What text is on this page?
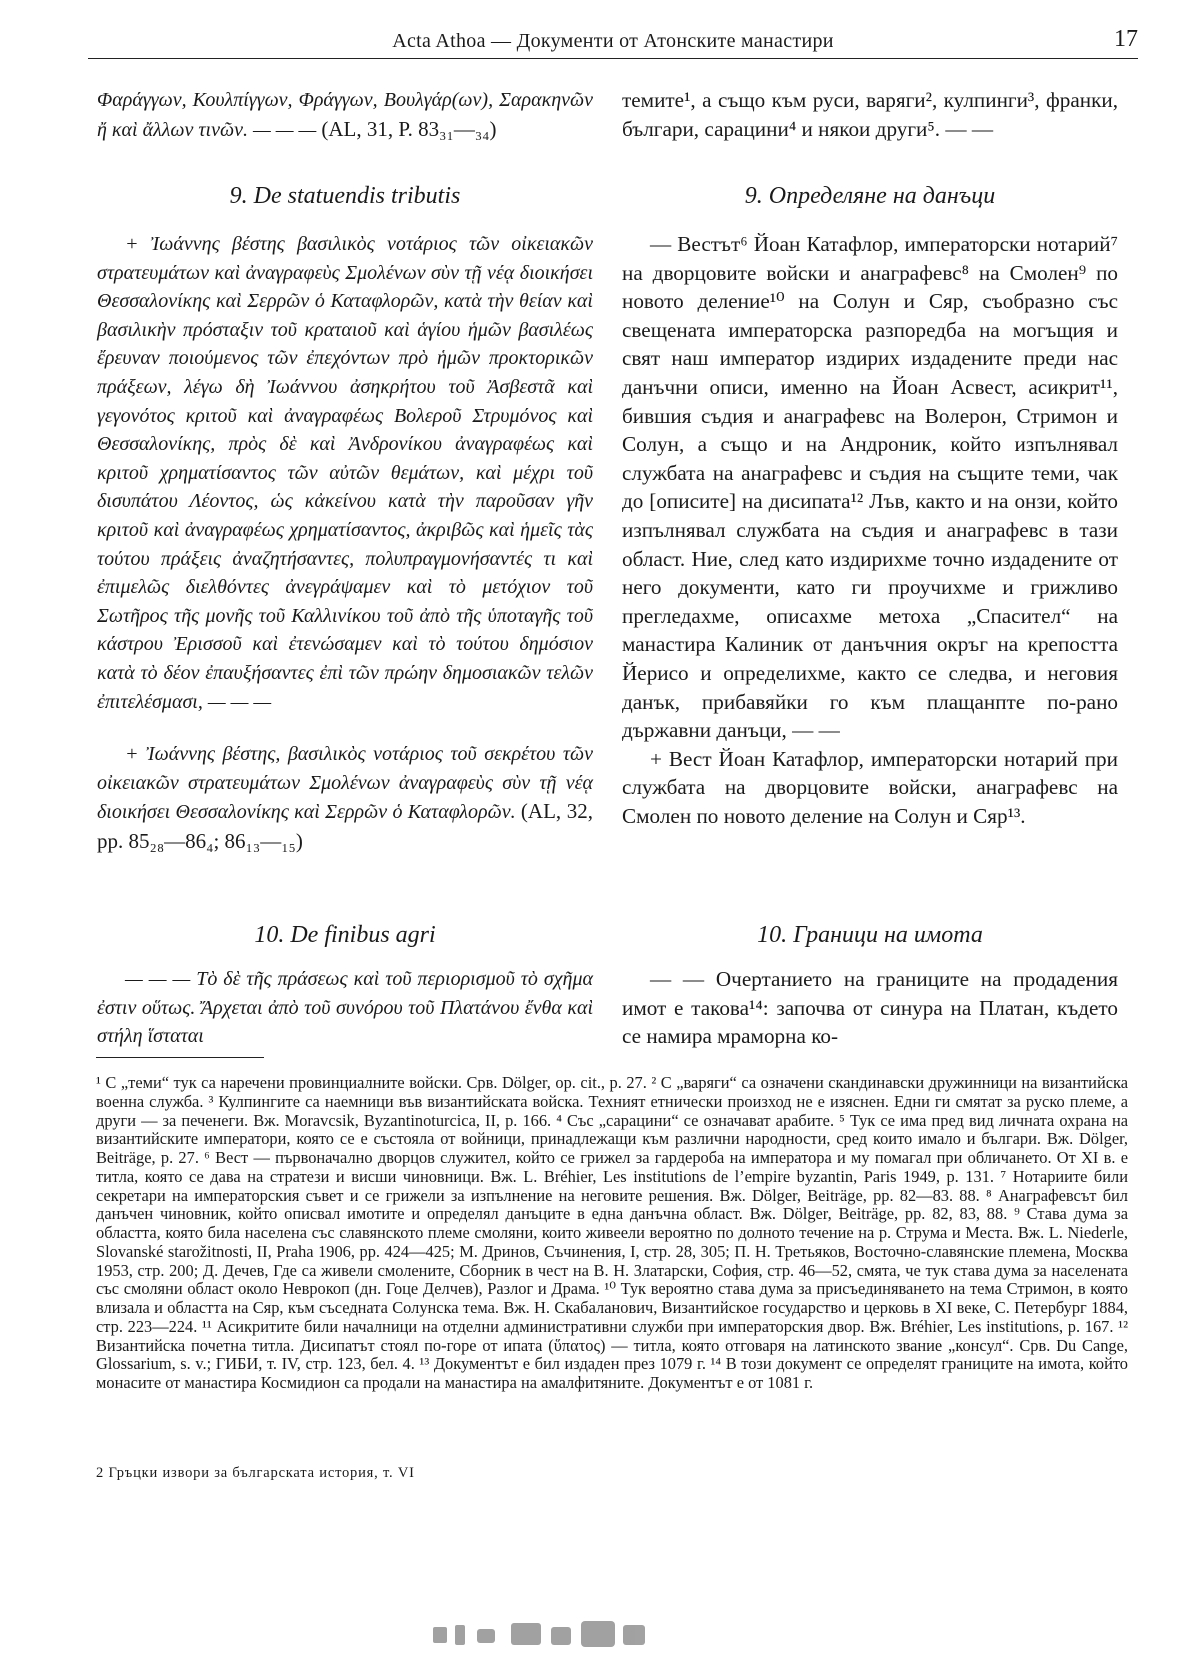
Acta Athoa — Документи от Атонските манастири	17

Φαράγγων, Κουλπίγγων, Φράγγων, Βουλγάρ(ων), Σαρακηνῶν ἤ καὶ ἄλλων τινῶν. — — — (AL, 31, P. 83₃₁—₃₄)

9. De statuendis tributis

+ Ἰωάννης βέστης βασιλικὸς νοτάριος τῶν οἰκειακῶν στρατευμάτων καὶ ἀναγραφεὺς Σμολένων σὺν τῇ νέᾳ διοικήσει Θεσσαλονίκης καὶ Σερρῶν ὁ Καταφλορῶν, κατὰ τὴν θείαν καὶ βασιλικὴν πρόσταξιν τοῦ κραταιοῦ καὶ ἁγίου ἡμῶν βασιλέως ἔρευναν ποιούμενος τῶν ἐπεχόντων πρὸ ἡμῶν προκτορικῶν πράξεων, λέγω δὴ Ἰωάννου ἀσηκρήτου τοῦ Ἀσβεστᾶ καὶ γεγονότος κριτοῦ καὶ ἀναγραφέως Βολεροῦ Στρυμόνος καὶ Θεσσαλονίκης, πρὸς δὲ καὶ Ἀνδρονίκου ἀναγραφέως καὶ κριτοῦ χρηματίσαντος τῶν αὐτῶν θεμάτων, καὶ μέχρι τοῦ δισυπάτου Λέοντος, ὡς κἀκείνου κατὰ τὴν παροῦσαν γῆν κριτοῦ καὶ ἀναγραφέως χρηματίσαντος, ἀκριβῶς καὶ ἡμεῖς τὰς τούτου πράξεις ἀναζητήσαντες, πολυπραγμονήσαντές τι καὶ ἐπιμελῶς διελθόντες ἀνεγράψαμεν καὶ τὸ μετόχιον τοῦ Σωτῆρος τῆς μονῆς τοῦ Καλλινίκου τοῦ ἀπὸ τῆς ὑποταγῆς τοῦ κάστρου Ἐρισσοῦ καὶ ἐτενώσαμεν καὶ τὸ τούτου δημόσιον κατὰ τὸ δέον ἐπαυξήσαντες ἐπὶ τῶν πρώην δημοσιακῶν τελῶν ἐπιτελέσμασι, — — —

+ Ἰωάννης βέστης, βασιλικὸς νοτάριος τοῦ σεκρέτου τῶν οἰκειακῶν στρατευμάτων Σμολένων ἀναγραφεὺς σὺν τῇ νέᾳ διοικήσει Θεσσαλονίκης καὶ Σερρῶν ὁ Καταφλορῶν. (AL, 32, pp. 85₂₈—86₄; 86₁₃—₁₅)

10. De finibus agri

— — — Τὸ δὲ τῆς πράσεως καὶ τοῦ περιορισμοῦ τὸ σχῆμα ἐστιν οὕτως. Ἄρχεται ἀπὸ τοῦ συνόρου τοῦ Πλατάνου ἔνθα καὶ στήλη ἵσταται

темите¹, а също към руси, варяги², кулпинги³, франки, българи, сарацини⁴ и някои други⁵. — —

9. Определяне на данъци

— Вестът⁶ Йоан Катафлор, императорски нотарий⁷ на дворцовите войски и анаграфевс⁸ на Смолен⁹ по новото деление¹⁰ на Солун и Сяр, съобразно със свещената императорска разпоредба на могъщия и свят наш император издирих издадените преди нас данъчни описи, именно на Йоан Асвест, асикрит¹¹, бившия съдия и анаграфевс на Волерон, Стримон и Солун, а също и на Андроник, който изпълнявал службата на анаграфевс и съдия на същите теми, чак до [описите] на дисипата¹² Лъв, както и на онзи, който изпълнявал службата на съдия и анаграфевс в тази област. Ние, след като издирихме точно издадените от него документи, като ги проучихме и грижливо прегледахме, описахме метоха „Спасител“ на манастира Калиник от данъчния окръг на крепостта Йерисо и определихме, както се следва, и неговия данък, прибавяйки го към плащанпте по-рано държавни данъци, — —

+ Вест Йоан Катафлор, императорски нотарий при службата на дворцовите войски, анаграфевс на Смолен по новото деление на Солун и Сяр¹³.

10. Граници на имота

— — Очертанието на границите на продадения имот е такова¹⁴: започва от синура на Платан, където се намира мраморна ко-

¹ С „теми“ тук са наречени провинциалните войски. Срв. Dölger, op. cit., p. 27. ² С „варяги“ са означени скандинавски дружинници на византийска военна служба. ³ Кулпингите са наемници във византийската войска. Техният етнически произход не е изяснен. Едни ги смятат за руско племе, а други — за печенеги. Вж. Moravcsik, Byzantinoturcica, II, p. 166. ⁴ Със „сарацини“ се означават арабите. ⁵ Тук се има пред вид личната охрана на византийските императори, която се е състояла от войници, принадлежащи към различни народности, сред които имало и българи. Вж. Dölger, Beiträge, p. 27. ⁶ Вест — първоначално дворцов служител, който се грижел за гардероба на императора и му помагал при обличането. От XI в. е титла, която се дава на стратези и висши чиновници. Вж. L. Bréhier, Les institutions de l’empire byzantin, Paris 1949, p. 131. ⁷ Нотариите били секретари на императорския съвет и се грижели за изпълнение на неговите решения. Вж. Dölger, Beiträge, pp. 82—83. 88. ⁸ Анаграфевсът бил данъчен чиновник, който описвал имотите и определял данъците в една данъчна област. Вж. Dölger, Beiträge, pp. 82, 83, 88. ⁹ Става дума за областта, която била населена със славянското племе смоляни, които живеели вероятно по долното течение на р. Струма и Места. Вж. L. Niederle, Slovanské starožitnosti, II, Praha 1906, pp. 424—425; М. Дринов, Съчинения, I, стр. 28, 305; П. Н. Третьяков, Восточно-славянские племена, Москва 1953, стр. 200; Д. Дечев, Где са живели смолените, Сборник в чест на В. Н. Златарски, София, стр. 46—52, смята, че тук става дума за населената със смоляни област около Неврокоп (дн. Гоце Делчев), Разлог и Драма. ¹⁰ Тук вероятно става дума за присъединяването на тема Стримон, в която влизала и областта на Сяр, към съседната Солунска тема. Вж. Н. Скабаланович, Византийское государство и церковь в XI веке, С. Петербург 1884, стр. 223—224. ¹¹ Асикритите били началници на отделни административни служби при императорския двор. Вж. Bréhier, Les institutions, p. 167. ¹² Византийска почетна титла. Дисипатът стоял по-горе от ипата (ὕπατος) — титла, която отговаря на латинското звание „консул“. Срв. Du Cange, Glossarium, s. v.; ГИБИ, т. IV, стр. 123, бел. 4. ¹³ Документът е бил издаден през 1079 г. ¹⁴ В този документ се определят границите на имота, който монасите от манастира Космидион са продали на манастира на амалфитяните. Документът е от 1081 г.

2 Гръцки извори за българската история, т. VI
